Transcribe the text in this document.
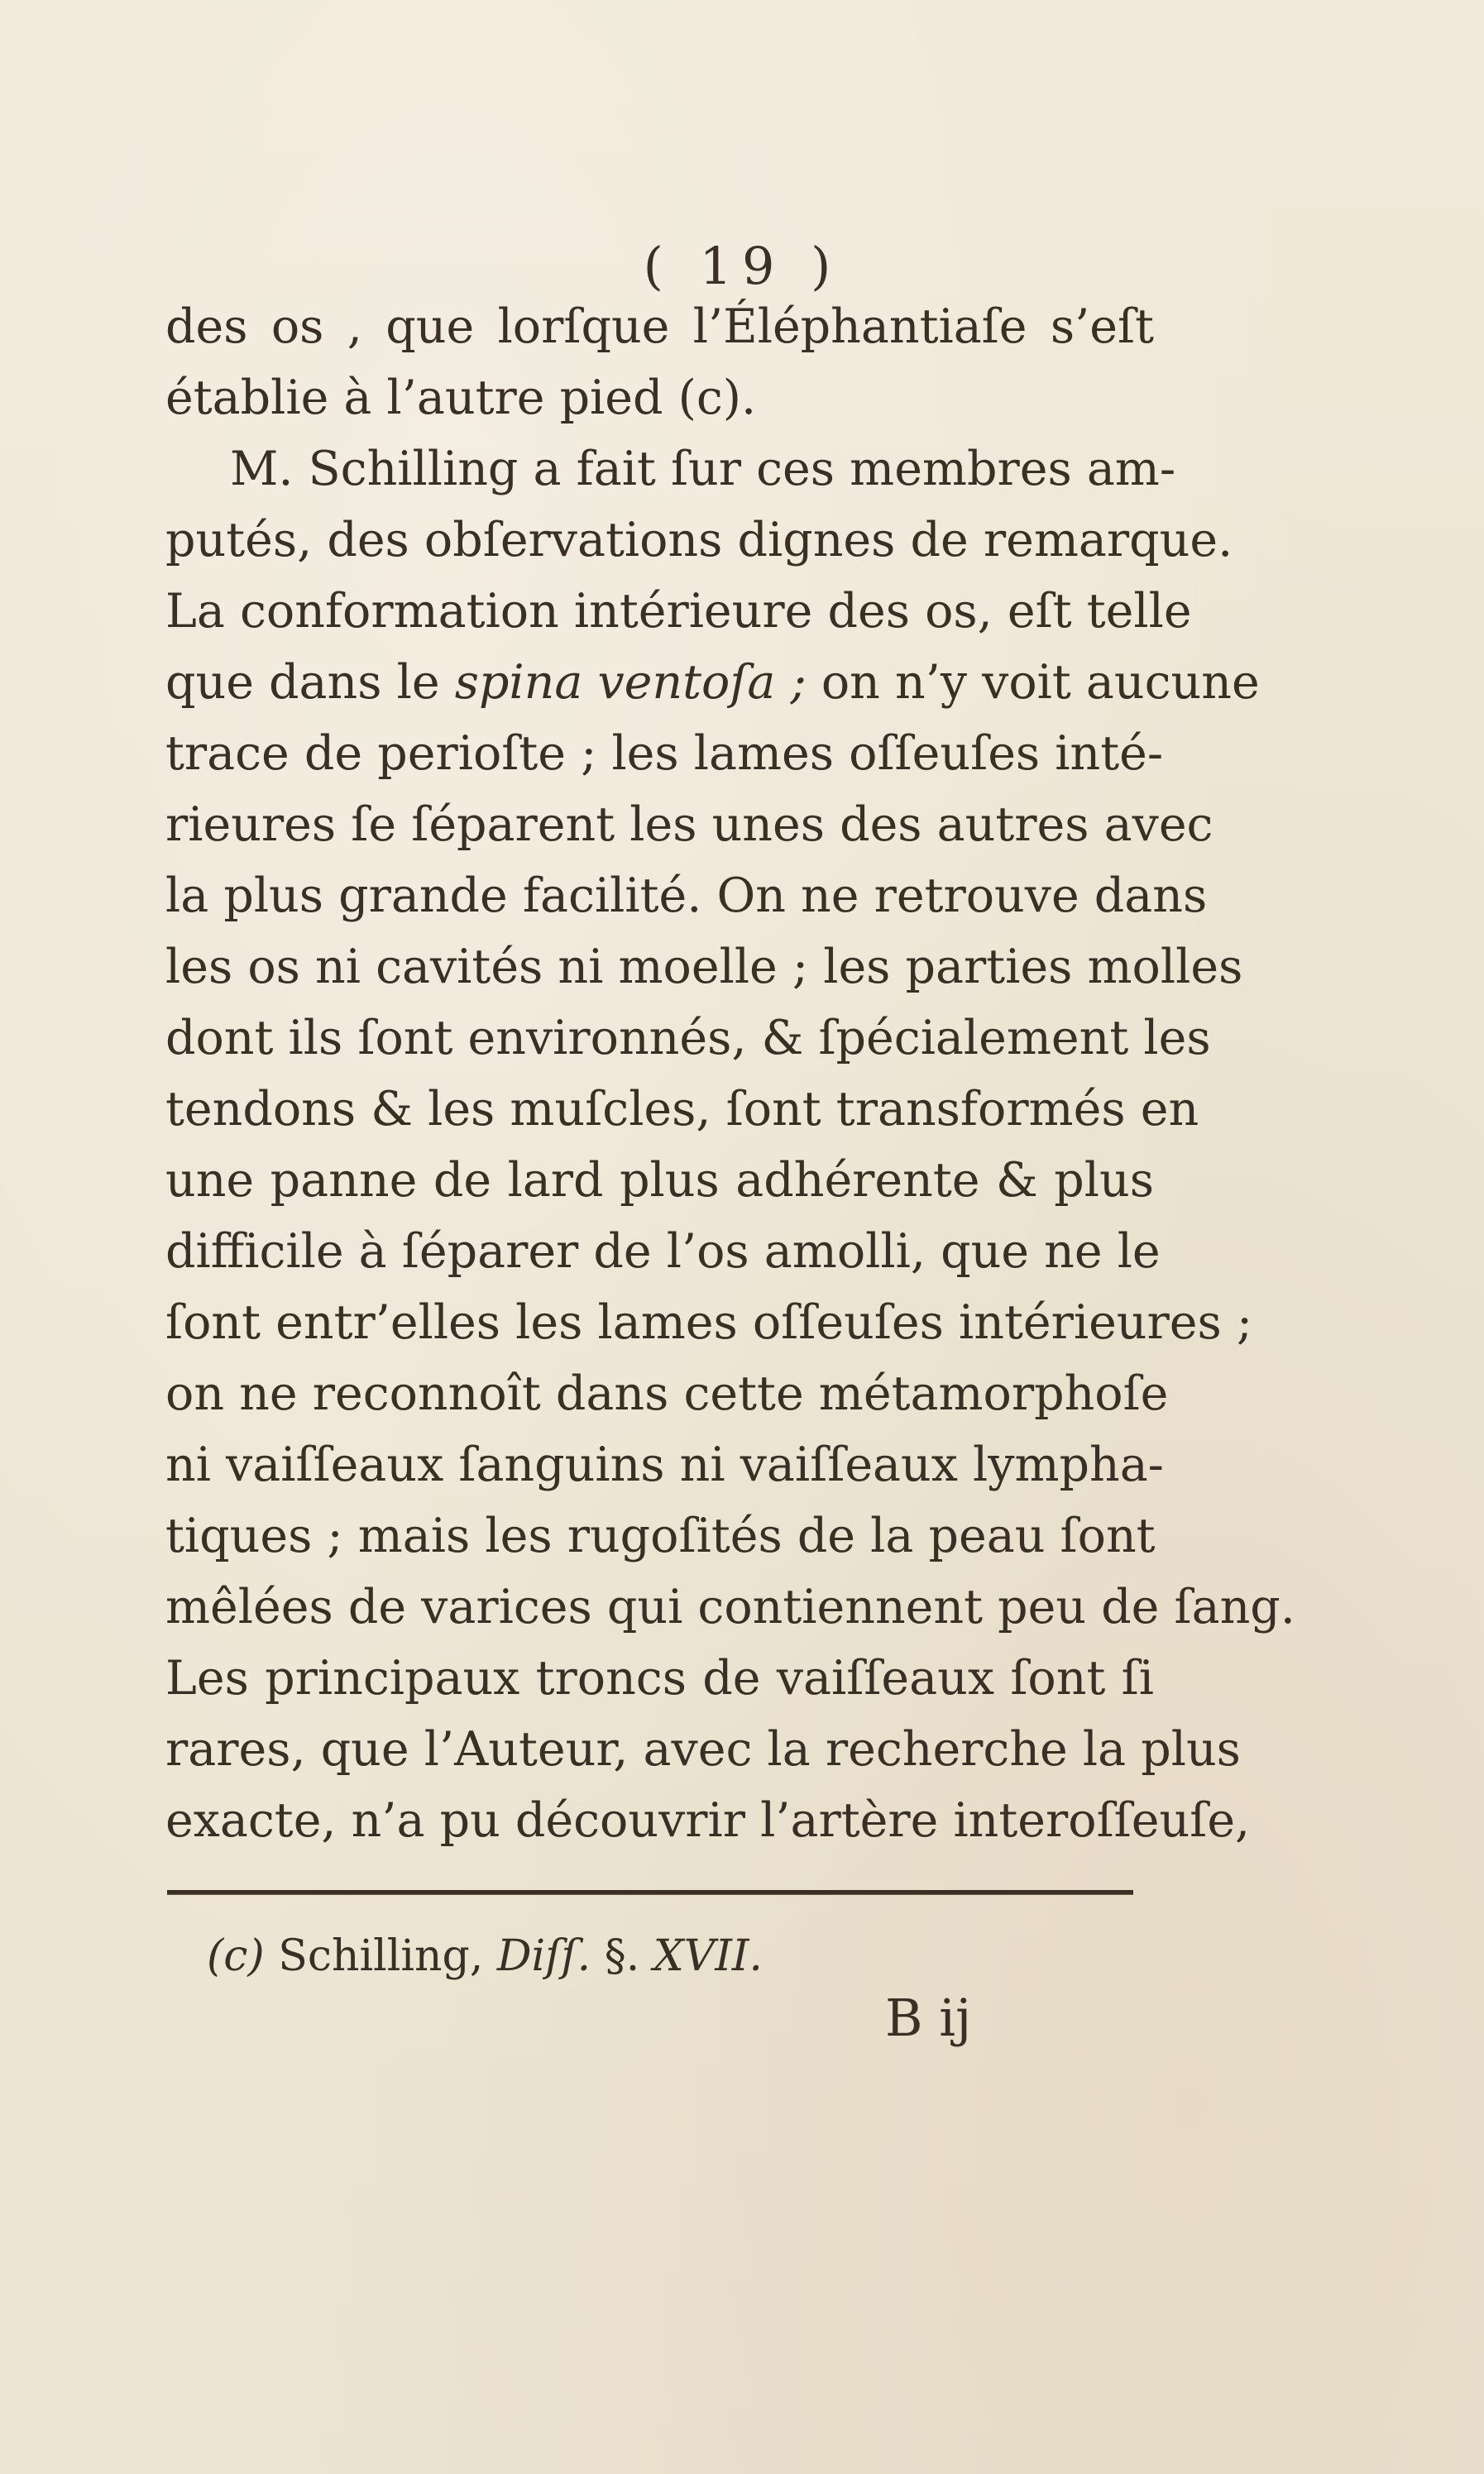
( 19 )
des os , que lorſque l’Éléphantiaſe s’eſt
établie à l’autre pied (c).
M. Schilling a fait ſur ces membres am-
putés, des obſervations dignes de remarque.
La conformation intérieure des os, eſt telle
que dans le spina ventoſa ; on n’y voit aucune
trace de perioſte ; les lames oſſeuſes inté-
rieures ſe ſéparent les unes des autres avec
la plus grande facilité. On ne retrouve dans
les os ni cavités ni moelle ; les parties molles
dont ils ſont environnés, & ſpécialement les
tendons & les muſcles, ſont transformés en
une panne de lard plus adhérente & plus
difficile à ſéparer de l’os amolli, que ne le
ſont entr’elles les lames oſſeuſes intérieures ;
on ne reconnoît dans cette métamorphoſe
ni vaiſſeaux ſanguins ni vaiſſeaux lympha-
tiques ; mais les rugoſités de la peau ſont
mêlées de varices qui contiennent peu de ſang.
Les principaux troncs de vaiſſeaux ſont ſi
rares, que l’Auteur, avec la recherche la plus
exacte, n’a pu découvrir l’artère interoſſeuſe,
(c) Schilling, Diſſ. §. XVII.
B ij
